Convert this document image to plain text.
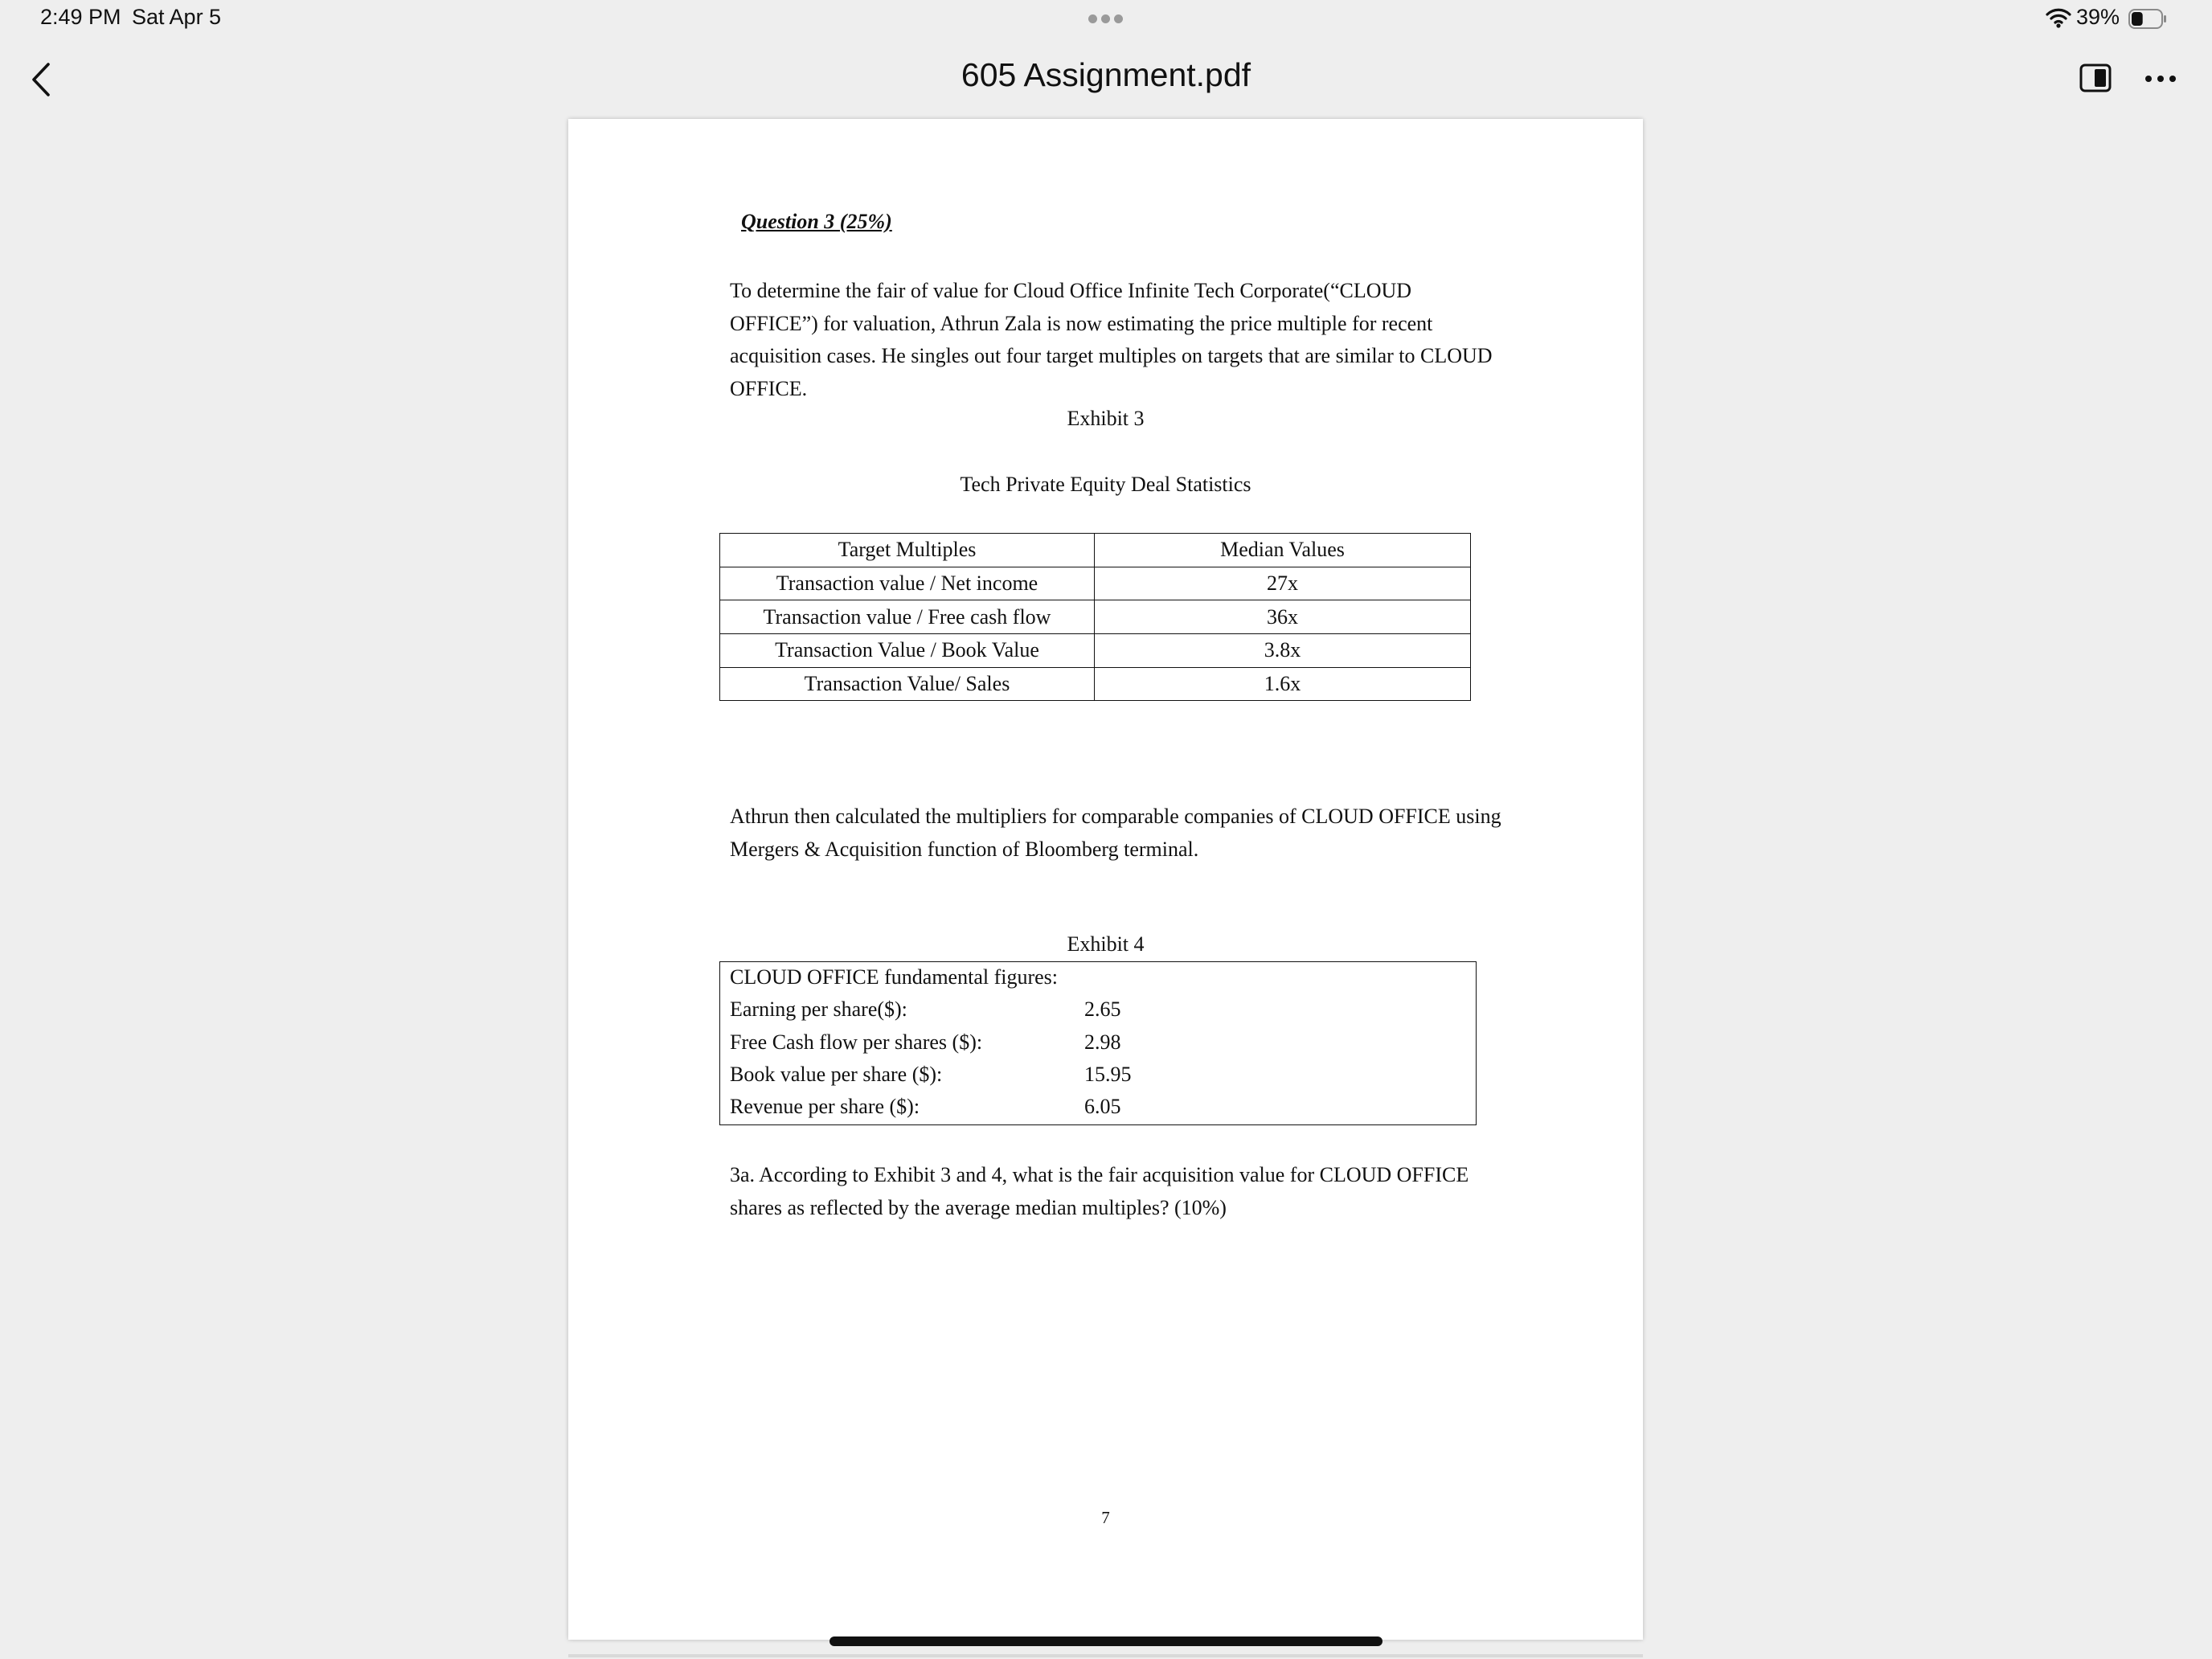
2:49 PM Sat Apr 5	39%
605 Assignment.pdf
Question 3 (25%)
To determine the fair of value for Cloud Office Infinite Tech Corporate(“CLOUD OFFICE”) for valuation, Athrun Zala is now estimating the price multiple for recent acquisition cases. He singles out four target multiples on targets that are similar to CLOUD OFFICE.
Exhibit 3
Tech Private Equity Deal Statistics
Target Multiples	Median Values
Transaction value / Net income	27x
Transaction value / Free cash flow	36x
Transaction Value / Book Value	3.8x
Transaction Value/ Sales	1.6x
Athrun then calculated the multipliers for comparable companies of CLOUD OFFICE using Mergers & Acquisition function of Bloomberg terminal.
Exhibit 4
CLOUD OFFICE fundamental figures:
Earning per share($):	2.65
Free Cash flow per shares ($):	2.98
Book value per share ($):	15.95
Revenue per share ($):	6.05
3a. According to Exhibit 3 and 4, what is the fair acquisition value for CLOUD OFFICE shares as reflected by the average median multiples? (10%)
7
